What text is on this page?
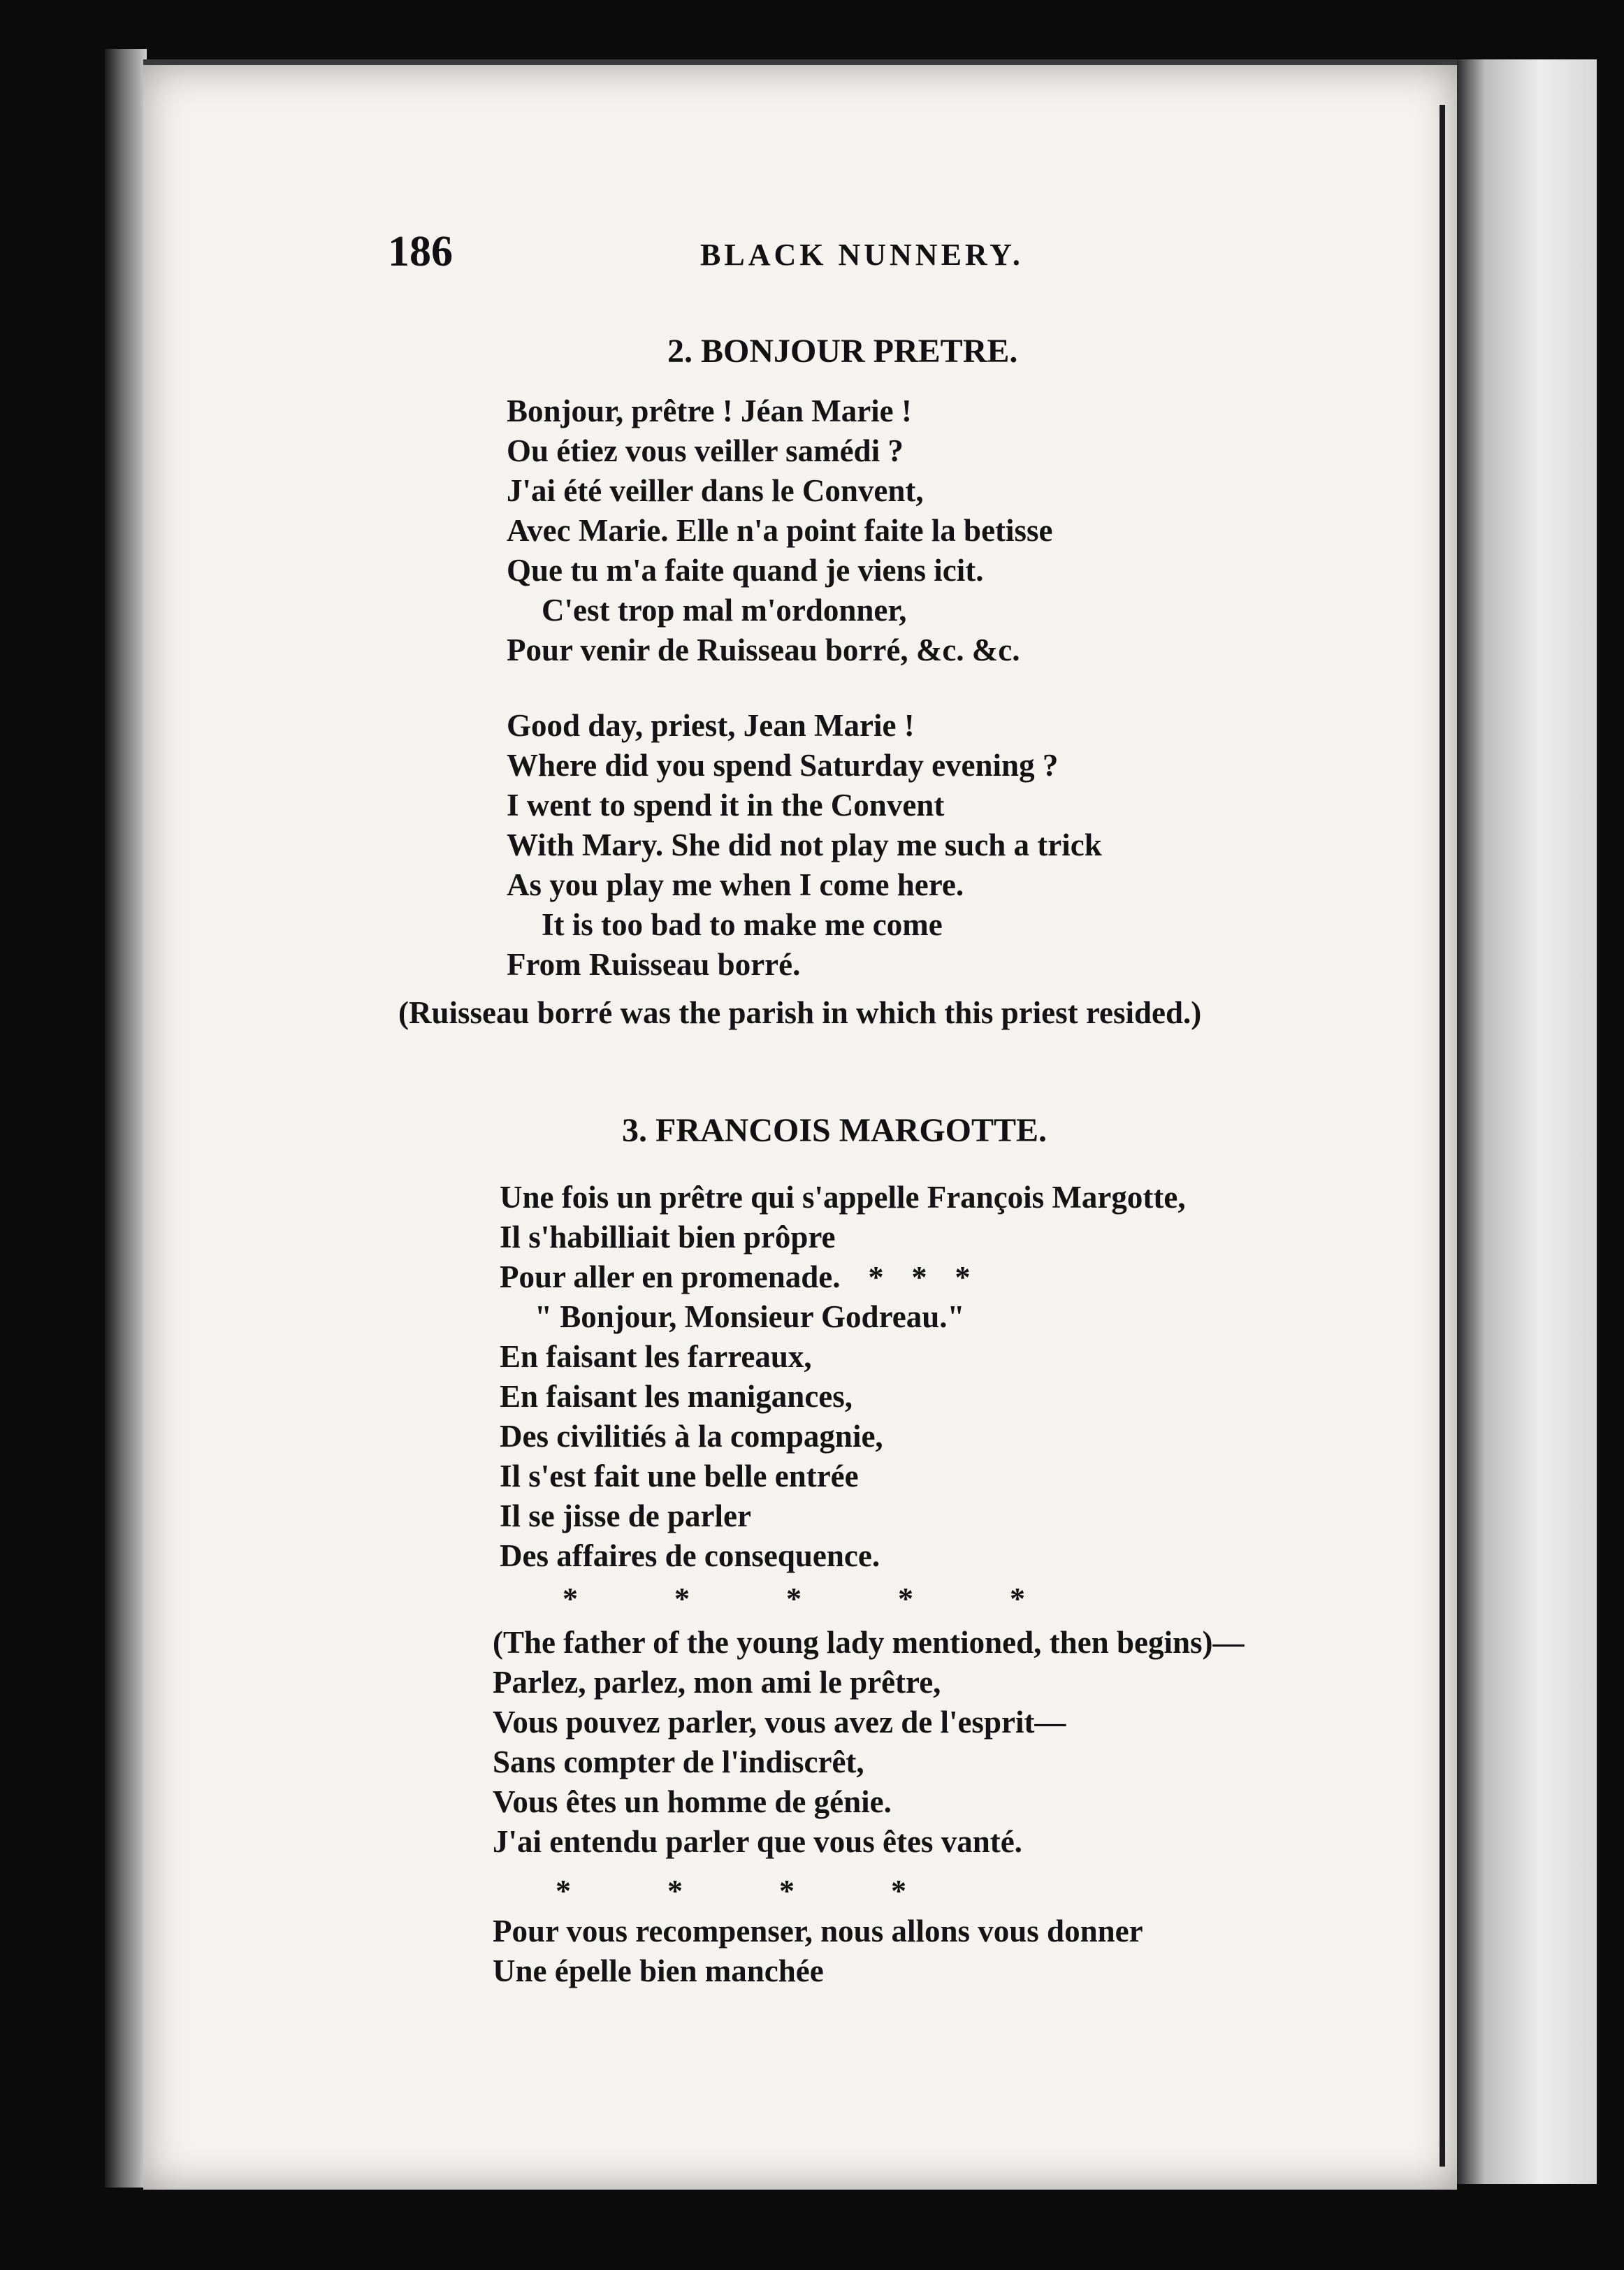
186	BLACK NUNNERY.
2. BONJOUR PRETRE.
Bonjour, prêtre ! Jéan Marie !
Ou étiez vous veiller samédi ?
J'ai été veiller dans le Convent,
Avec Marie. Elle n'a point faite la betisse
Que tu m'a faite quand je viens icit.
C'est trop mal m'ordonner,
Pour venir de Ruisseau borré, &c. &c.
Good day, priest, Jean Marie !
Where did you spend Saturday evening ?
I went to spend it in the Convent
With Mary. She did not play me such a trick
As you play me when I come here.
It is too bad to make me come
From Ruisseau borré.
(Ruisseau borré was the parish in which this priest resided.)
3. FRANCOIS MARGOTTE.
Une fois un prêtre qui s'appelle François Margotte,
Il s'habilliait bien prôpre
Pour aller en promenade. * * *
" Bonjour, Monsieur Godreau."
En faisant les farreaux,
En faisant les manigances,
Des civilitiés à la compagnie,
Il s'est fait une belle entrée
Il se jisse de parler
Des affaires de consequence.
*	*	*	*	*
(The father of the young lady mentioned, then begins)—
Parlez, parlez, mon ami le prêtre,
Vous pouvez parler, vous avez de l'esprit—
Sans compter de l'indiscrêt,
Vous êtes un homme de génie.
J'ai entendu parler que vous êtes vanté.
*	*	*	*
Pour vous recompenser, nous allons vous donner
Une épelle bien manchée
